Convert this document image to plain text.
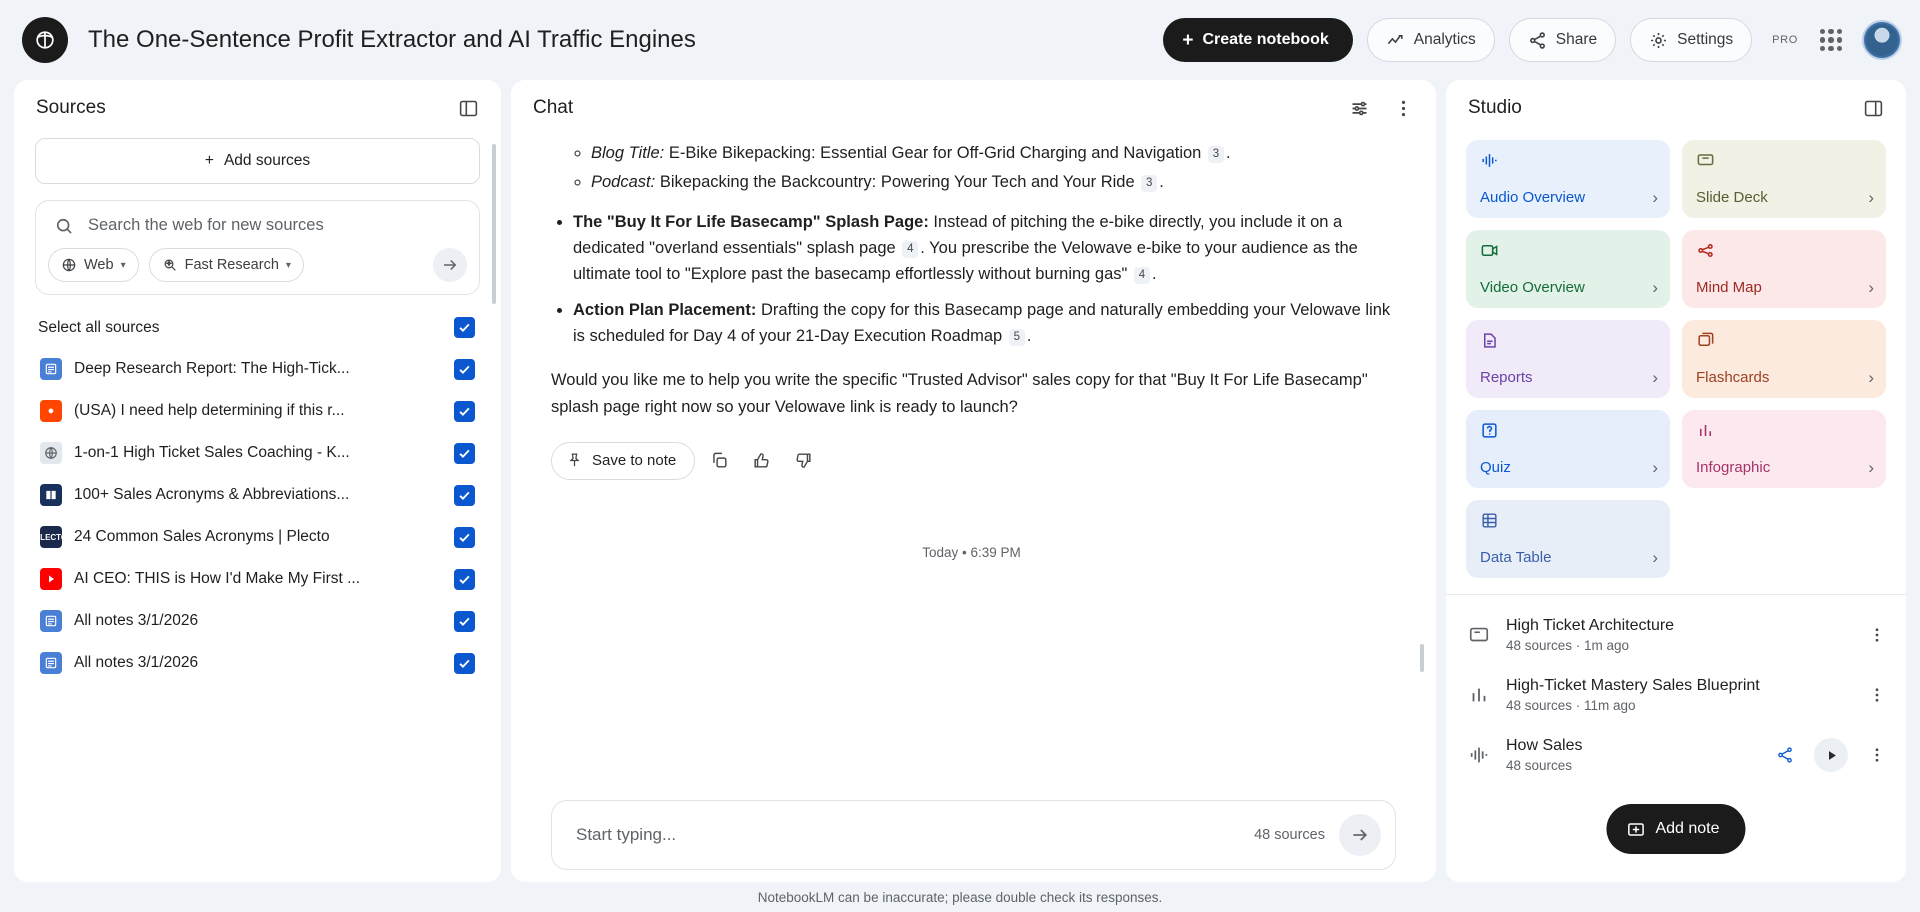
The One-Sentence Profit Extractor and AI Traffic Engines	+ Create notebook	Analytics	Share	Settings	PRO
Sources
+ Add sources
Search the web for new sources
Web ▾	Fast Research ▾
Select all sources
Deep Research Report: The High-Tick...
●	(USA) I need help determining if this r...
1-on-1 High Ticket Sales Coaching - K...
100+ Sales Acronyms & Abbreviations...
PLECTO 24 Common Sales Acronyms | Plecto
AI CEO: THIS is How I'd Make My First ...
All notes 3/1/2026
All notes 3/1/2026
Chat
◦ Blog Title: E-Bike Bikepacking: Essential Gear for Off-Grid Charging and Navigation 3 .
◦ Podcast: Bikepacking the Backcountry: Powering Your Tech and Your Ride 3 .
• The "Buy It For Life Basecamp" Splash Page: Instead of pitching the e-bike directly, you include it on a dedicated "overland essentials" splash page 4 . You prescribe the Velowave e-bike to your audience as the ultimate tool to "Explore past the basecamp effortlessly without burning gas" 4 .
• Action Plan Placement: Drafting the copy for this Basecamp page and naturally embedding your Velowave link is scheduled for Day 4 of your 21-Day Execution Roadmap 5 .

Would you like me to help you write the specific "Trusted Advisor" sales copy for that "Buy It For Life Basecamp" splash page right now so your Velowave link is ready to launch?

Save to note
Today • 6:39 PM
Start typing...	48 sources
Studio
Audio Overview	›	Slide Deck	›
Video Overview	›	Mind Map	›
Reports	›	Flashcards	›
Quiz	›	Infographic	›
Data Table	›
High Ticket Architecture
48 sources · 1m ago
High-Ticket Mastery Sales Blueprint
48 sources · 11m ago
How Sales
48 sources
Add note
NotebookLM can be inaccurate; please double check its responses.
